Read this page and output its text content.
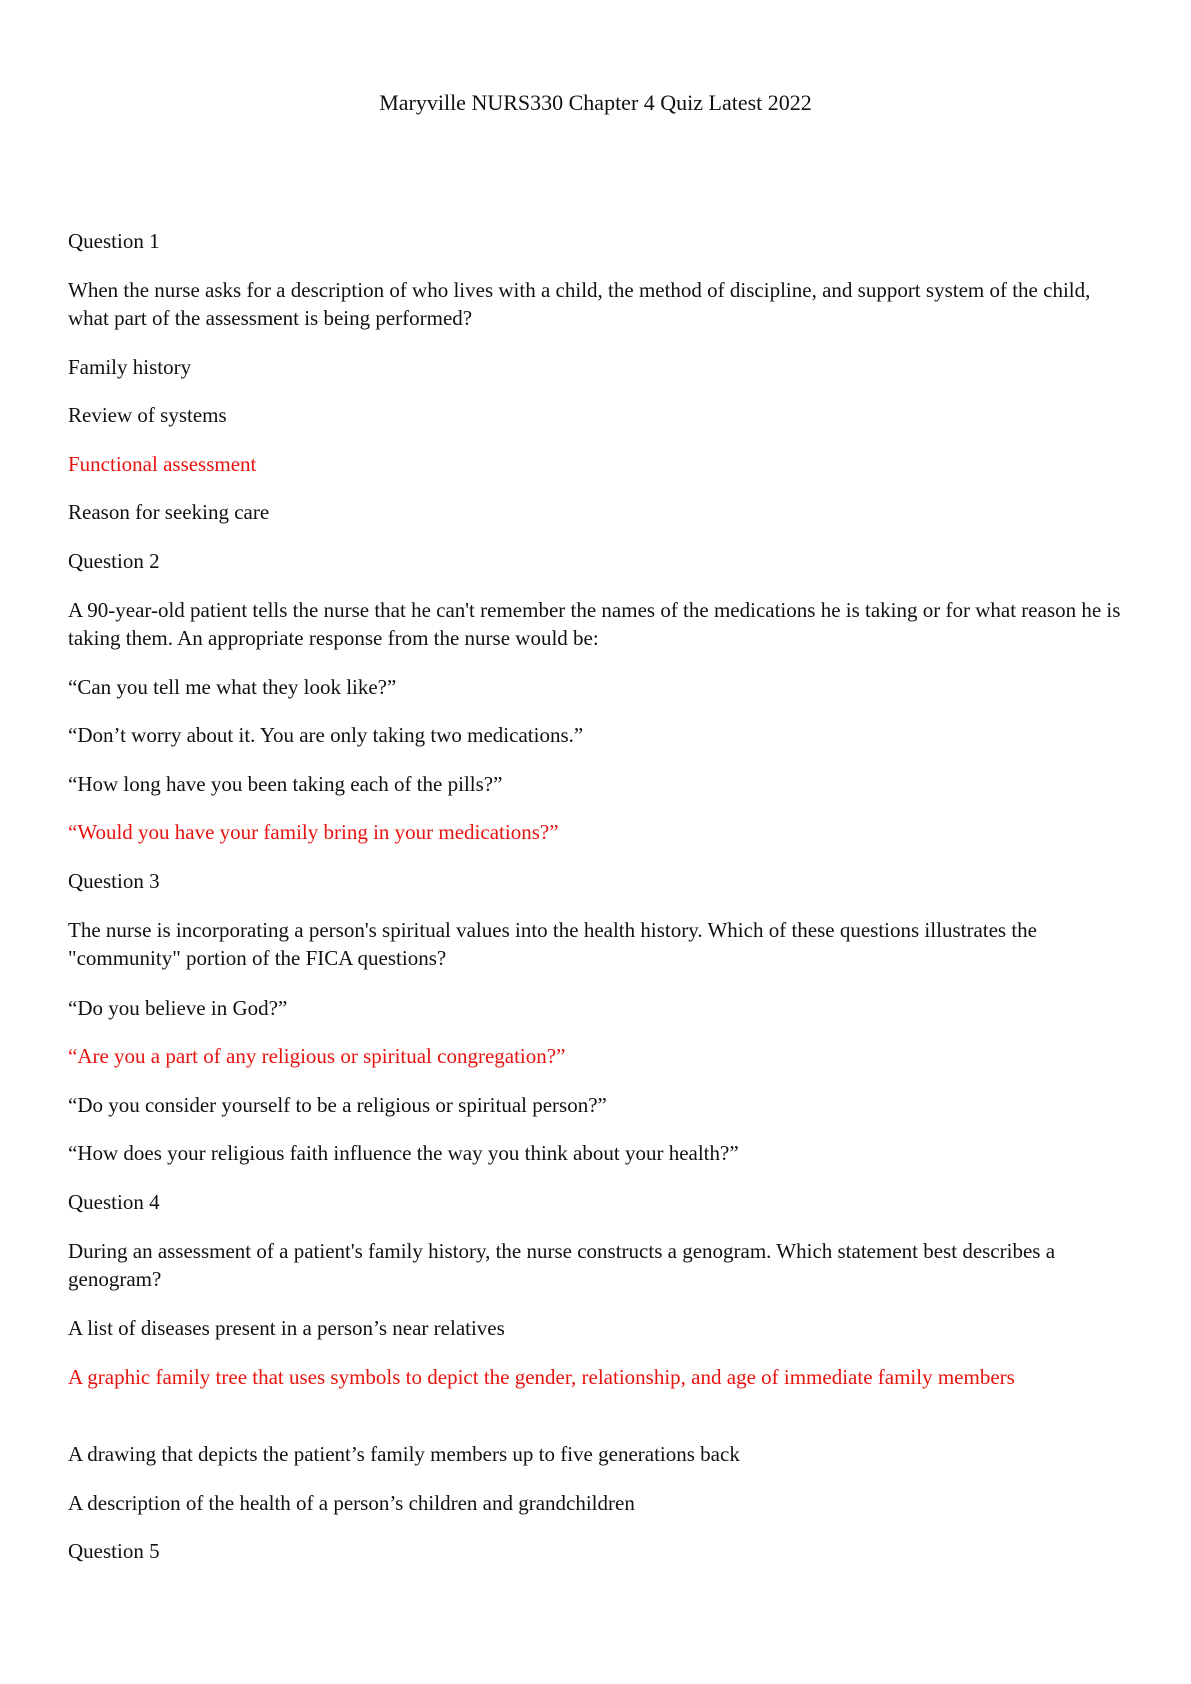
Maryville NURS330 Chapter 4 Quiz Latest 2022

Question 1

When the nurse asks for a description of who lives with a child, the method of discipline, and support system of the child, what part of the assessment is being performed?

Family history

Review of systems

Functional assessment

Reason for seeking care

Question 2

A 90-year-old patient tells the nurse that he can't remember the names of the medications he is taking or for what reason he is taking them. An appropriate response from the nurse would be:

“Can you tell me what they look like?”

“Don’t worry about it. You are only taking two medications.”

“How long have you been taking each of the pills?”

“Would you have your family bring in your medications?”

Question 3

The nurse is incorporating a person's spiritual values into the health history. Which of these questions illustrates the "community" portion of the FICA questions?

“Do you believe in God?”

“Are you a part of any religious or spiritual congregation?”

“Do you consider yourself to be a religious or spiritual person?”

“How does your religious faith influence the way you think about your health?”

Question 4

During an assessment of a patient's family history, the nurse constructs a genogram. Which statement best describes a genogram?

A list of diseases present in a person’s near relatives

A graphic family tree that uses symbols to depict the gender, relationship, and age of immediate family members

A drawing that depicts the patient’s family members up to five generations back

A description of the health of a person’s children and grandchildren

Question 5
